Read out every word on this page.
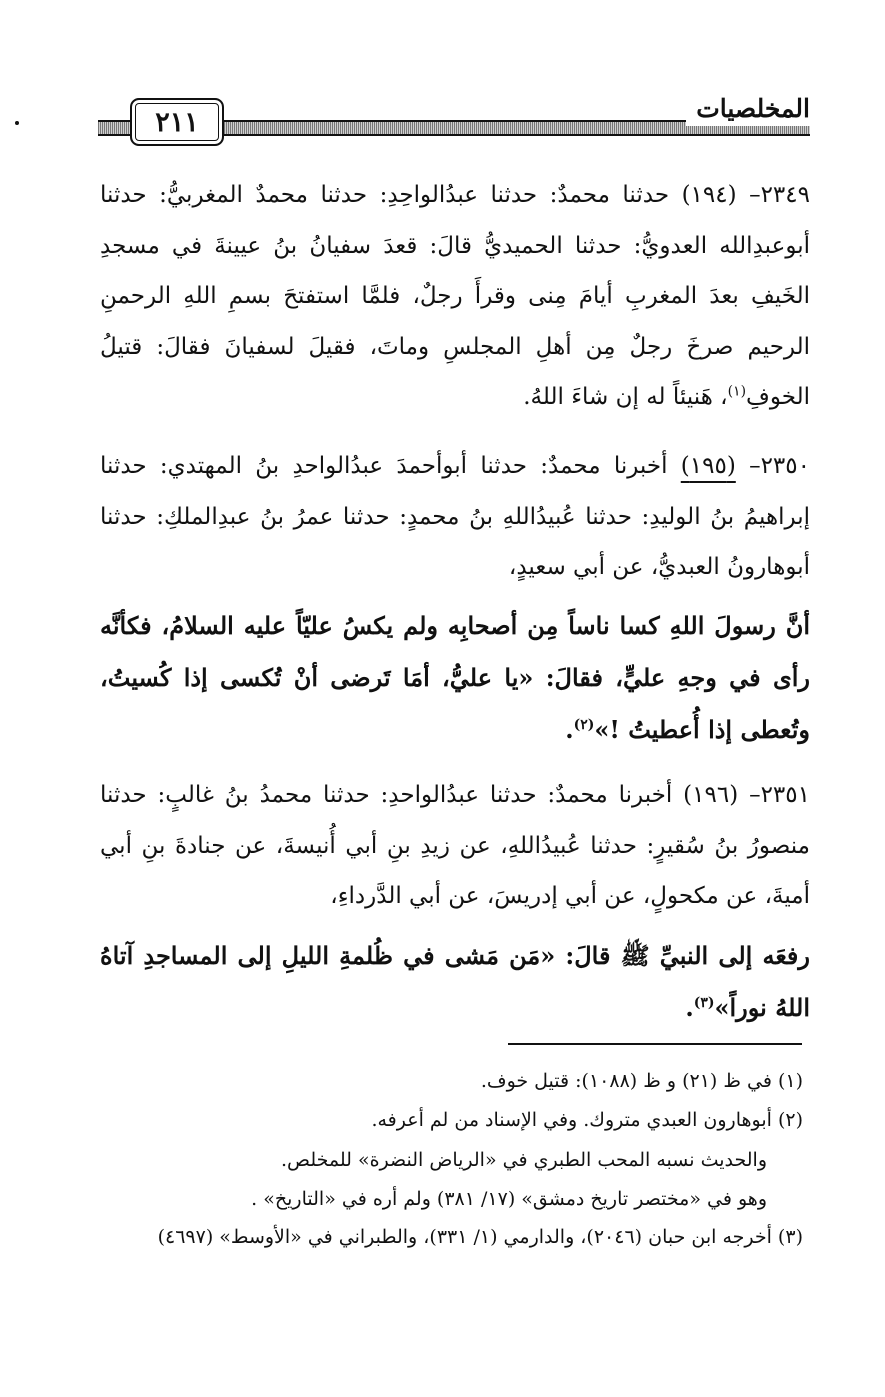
٢١١	المخلصيات

٢٣٤٩– (١٩٤) حدثنا محمدٌ: حدثنا عبدُالواحِدِ: حدثنا محمدٌ المغربيُّ: حدثنا أبوعبدِالله العدويُّ: حدثنا الحميديُّ قالَ: قعدَ سفيانُ بنُ عيينةَ في مسجدِ الخَيفِ بعدَ المغربِ أيامَ مِنى وقرأَ رجلٌ، فلمَّا استفتحَ بسمِ اللهِ الرحمنِ الرحيم صرخَ رجلٌ مِن أهلِ المجلسِ وماتَ، فقيلَ لسفيانَ فقالَ: قتيلُ الخوفِ$^{(١)}$، هَنيئاً له إن شاءَ اللهُ.

٢٣٥٠– (١٩٥) أخبرنا محمدٌ: حدثنا أبوأحمدَ عبدُالواحدِ بنُ المهتدي: حدثنا إبراهيمُ بنُ الوليدِ: حدثنا عُبيدُاللهِ بنُ محمدٍ: حدثنا عمرُ بنُ عبدِالملكِ: حدثنا أبوهارونُ العبديُّ، عن أبي سعيدٍ،

أنَّ رسولَ اللهِ كسا ناساً مِن أصحابِه ولم يكسُ عليّاً عليه السلامُ، فكأنَّه رأى في وجهِ عليٍّ، فقالَ: «يا عليُّ، أمَا تَرضى أنْ تُكسى إذا كُسيتُ، وتُعطى إذا أُعطيتُ !»$^{(٢)}$.

٢٣٥١– (١٩٦) أخبرنا محمدٌ: حدثنا عبدُالواحدِ: حدثنا محمدُ بنُ غالبٍ: حدثنا منصورُ بنُ سُقيرٍ: حدثنا عُبيدُاللهِ، عن زيدِ بنِ أبي أُنيسةَ، عن جنادةَ بنِ أبي أميةَ، عن مكحولٍ، عن أبي إدريسَ، عن أبي الدَّرداءِ،

رفعَه إلى النبيِّ ﷺ قالَ: «مَن مَشى في ظُلمةِ الليلِ إلى المساجدِ آتاهُ اللهُ نوراً»$^{(٣)}$.

(١) في ظ (٢١) و ظ (١٠٨٨): قتيل خوف.

(٢) أبوهارون العبدي متروك. وفي الإسناد من لم أعرفه.

والحديث نسبه المحب الطبري في «الرياض النضرة» للمخلص.

وهو في «مختصر تاريخ دمشق» (١٧/ ٣٨١) ولم أره في «التاريخ» .

(٣) أخرجه ابن حبان (٢٠٤٦)، والدارمي (١/ ٣٣١)، والطبراني في «الأوسط» (٤٦٩٧)
